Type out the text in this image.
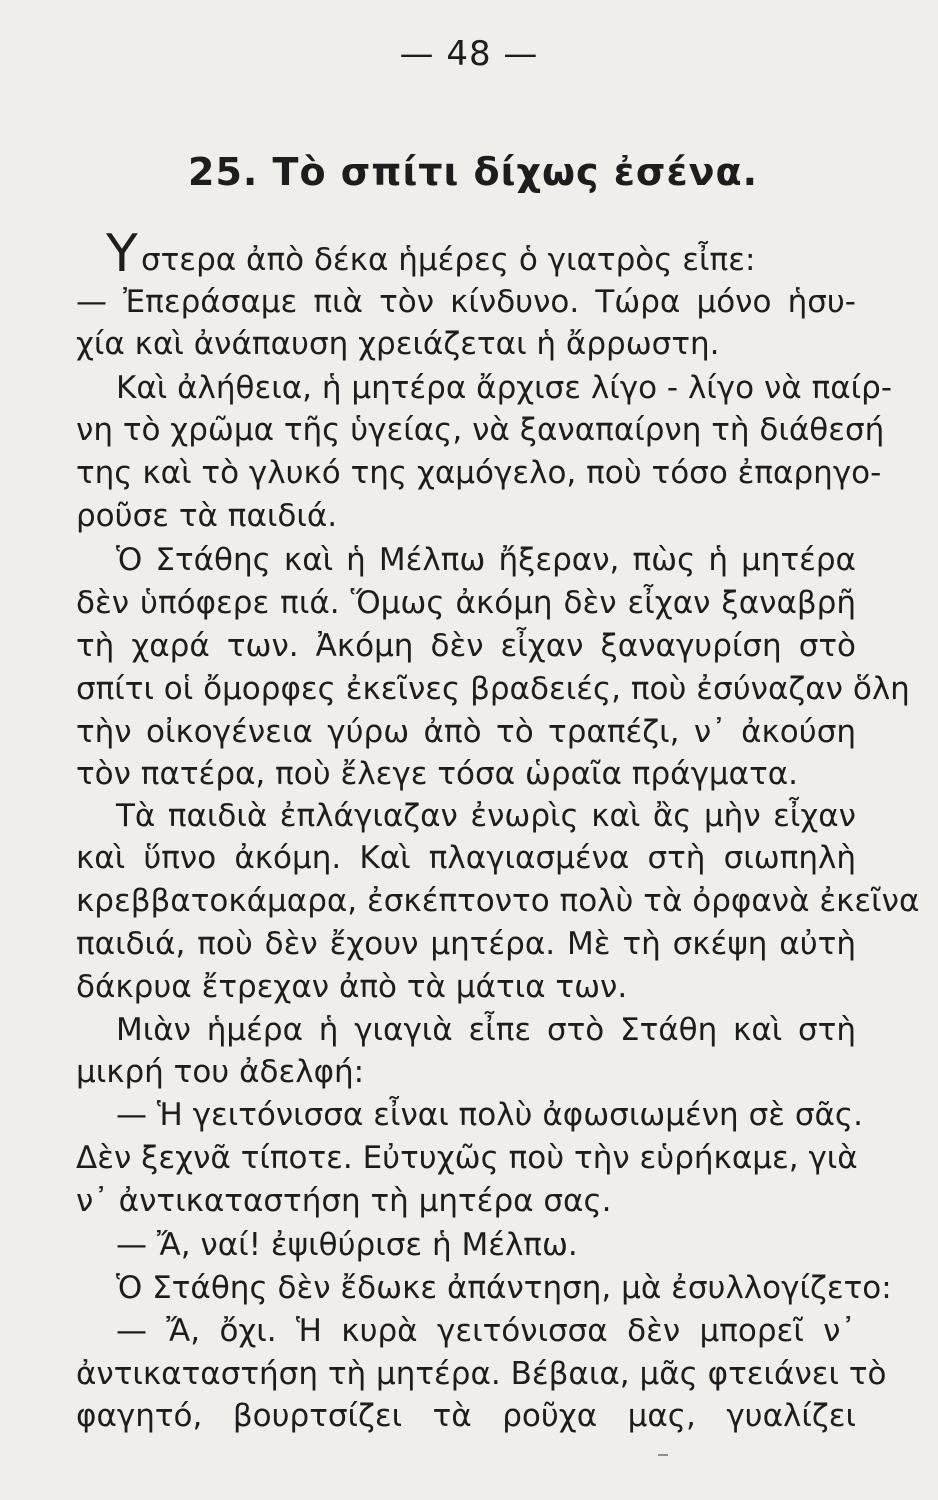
— 48 —
25. Τὸ σπίτι δίχως ἐσένα.
Υ στερα ἀπὸ δέκα ἡμέρες ὁ γιατρὸς εἶπε:
— Ἐπεράσαμε πιὰ τὸν κίνδυνο. Τώρα μόνο ἡσυ-
χία καὶ ἀνάπαυση χρειάζεται ἡ ἄρρωστη.
Καὶ ἀλήθεια, ἡ μητέρα ἄρχισε λίγο - λίγο νὰ παίρ-
νη τὸ χρῶμα τῆς ὑγείας, νὰ ξαναπαίρνη τὴ διάθεσή
της καὶ τὸ γλυκό της χαμόγελο, ποὺ τόσο ἐπαρηγο-
ροῦσε τὰ παιδιά.
Ὁ Στάθης καὶ ἡ Μέλπω ἤξεραν, πὼς ἡ μητέρα
δὲν ὑπόφερε πιά. Ὅμως ἀκόμη δὲν εἶχαν ξαναβρῆ
τὴ χαρά των. Ἀκόμη δὲν εἶχαν ξαναγυρίση στὸ
σπίτι οἱ ὄμορφες ἐκεῖνες βραδειές, ποὺ ἐσύναζαν ὅλη
τὴν οἰκογένεια γύρω ἀπὸ τὸ τραπέζι, ν᾿ ἀκούση
τὸν πατέρα, ποὺ ἔλεγε τόσα ὡραῖα πράγματα.
Τὰ παιδιὰ ἐπλάγιαζαν ἐνωρὶς καὶ ἂς μὴν εἶχαν
καὶ ὕπνο ἀκόμη. Καὶ πλαγιασμένα στὴ σιωπηλὴ
κρεββατοκάμαρα, ἐσκέπτοντο πολὺ τὰ ὀρφανὰ ἐκεῖνα
παιδιά, ποὺ δὲν ἔχουν μητέρα. Μὲ τὴ σκέψη αὐτὴ
δάκρυα ἔτρεχαν ἀπὸ τὰ μάτια των.
Μιὰν ἡμέρα ἡ γιαγιὰ εἶπε στὸ Στάθη καὶ στὴ
μικρή του ἀδελφή:
— Ἡ γειτόνισσα εἶναι πολὺ ἀφωσιωμένη σὲ σᾶς.
Δὲν ξεχνᾶ τίποτε. Εὐτυχῶς ποὺ τὴν εὑρήκαμε, γιὰ
ν᾿ ἀντικαταστήση τὴ μητέρα σας.
— Ἄ, ναί! ἐψιθύρισε ἡ Μέλπω.
Ὁ Στάθης δὲν ἔδωκε ἀπάντηση, μὰ ἐσυλλογίζετο:
— Ἄ, ὄχι. Ἡ κυρὰ γειτόνισσα δὲν μπορεῖ ν᾿
ἀντικαταστήση τὴ μητέρα. Βέβαια, μᾶς φτειάνει τὸ
φαγητό, βουρτσίζει τὰ ροῦχα μας, γυαλίζει
